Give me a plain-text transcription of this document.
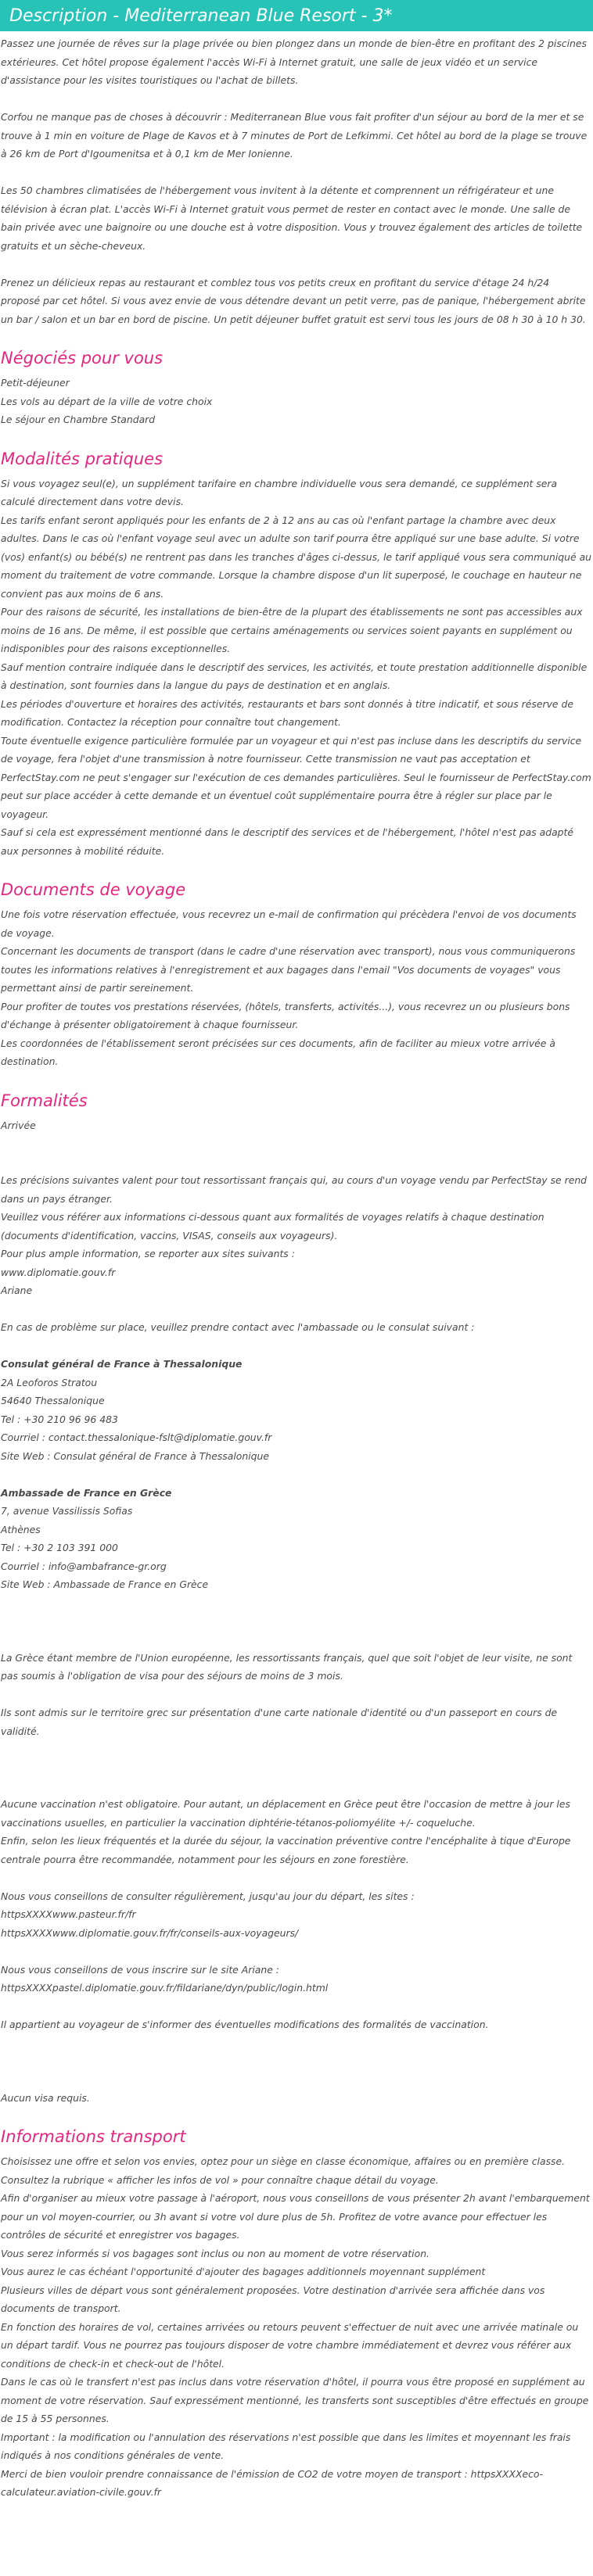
Description - Mediterranean Blue Resort - 3*

Passez une journée de rêves sur la plage privée ou bien plongez dans un monde de bien-être en profitant des 2 piscines extérieures. Cet hôtel propose également l'accès Wi-Fi à Internet gratuit, une salle de jeux vidéo et un service d'assistance pour les visites touristiques ou l'achat de billets.

Corfou ne manque pas de choses à découvrir : Mediterranean Blue vous fait profiter d'un séjour au bord de la mer et se trouve à 1 min en voiture de Plage de Kavos et à 7 minutes de Port de Lefkimmi. Cet hôtel au bord de la plage se trouve à 26 km de Port d'Igoumenitsa et à 0,1 km de Mer Ionienne.

Les 50 chambres climatisées de l'hébergement vous invitent à la détente et comprennent un réfrigérateur et une télévision à écran plat. L'accès Wi-Fi à Internet gratuit vous permet de rester en contact avec le monde. Une salle de bain privée avec une baignoire ou une douche est à votre disposition. Vous y trouvez également des articles de toilette gratuits et un sèche-cheveux.

Prenez un délicieux repas au restaurant et comblez tous vos petits creux en profitant du service d'étage 24 h/24 proposé par cet hôtel. Si vous avez envie de vous détendre devant un petit verre, pas de panique, l'hébergement abrite un bar / salon et un bar en bord de piscine. Un petit déjeuner buffet gratuit est servi tous les jours de 08 h 30 à 10 h 30.

Négociés pour vous

Petit-déjeuner

Les vols au départ de la ville de votre choix

Le séjour en Chambre Standard

Modalités pratiques

Si vous voyagez seul(e), un supplément tarifaire en chambre individuelle vous sera demandé, ce supplément sera calculé directement dans votre devis.

Les tarifs enfant seront appliqués pour les enfants de 2 à 12 ans au cas où l'enfant partage la chambre avec deux adultes. Dans le cas où l'enfant voyage seul avec un adulte son tarif pourra être appliqué sur une base adulte. Si votre (vos) enfant(s) ou bébé(s) ne rentrent pas dans les tranches d'âges ci-dessus, le tarif appliqué vous sera communiqué au moment du traitement de votre commande. Lorsque la chambre dispose d'un lit superposé, le couchage en hauteur ne convient pas aux moins de 6 ans.

Pour des raisons de sécurité, les installations de bien-être de la plupart des établissements ne sont pas accessibles aux moins de 16 ans. De même, il est possible que certains aménagements ou services soient payants en supplément ou indisponibles pour des raisons exceptionnelles.

Sauf mention contraire indiquée dans le descriptif des services, les activités, et toute prestation additionnelle disponible à destination, sont fournies dans la langue du pays de destination et en anglais.

Les périodes d'ouverture et horaires des activités, restaurants et bars sont donnés à titre indicatif, et sous réserve de modification. Contactez la réception pour connaître tout changement.

Toute éventuelle exigence particulière formulée par un voyageur et qui n'est pas incluse dans les descriptifs du service de voyage, fera l'objet d'une transmission à notre fournisseur. Cette transmission ne vaut pas acceptation et PerfectStay.com ne peut s'engager sur l'exécution de ces demandes particulières. Seul le fournisseur de PerfectStay.com peut sur place accéder à cette demande et un éventuel coût supplémentaire pourra être à régler sur place par le voyageur.

Sauf si cela est expressément mentionné dans le descriptif des services et de l'hébergement, l'hôtel n'est pas adapté aux personnes à mobilité réduite.

Documents de voyage

Une fois votre réservation effectuée, vous recevrez un e-mail de confirmation qui précèdera l'envoi de vos documents de voyage.

Concernant les documents de transport (dans le cadre d'une réservation avec transport), nous vous communiquerons toutes les informations relatives à l'enregistrement et aux bagages dans l'email "Vos documents de voyages" vous permettant ainsi de partir sereinement.

Pour profiter de toutes vos prestations réservées, (hôtels, transferts, activités...), vous recevrez un ou plusieurs bons d'échange à présenter obligatoirement à chaque fournisseur.

Les coordonnées de l'établissement seront précisées sur ces documents, afin de faciliter au mieux votre arrivée à destination.

Formalités

Arrivée

Les précisions suivantes valent pour tout ressortissant français qui, au cours d'un voyage vendu par PerfectStay se rend dans un pays étranger.

Veuillez vous référer aux informations ci-dessous quant aux formalités de voyages relatifs à chaque destination (documents d'identification, vaccins, VISAS, conseils aux voyageurs).

Pour plus ample information, se reporter aux sites suivants :

www.diplomatie.gouv.fr

Ariane

En cas de problème sur place, veuillez prendre contact avec l'ambassade ou le consulat suivant :

Consulat général de France à Thessalonique

2A Leoforos Stratou

54640 Thessalonique

Tel : +30 210 96 96 483

Courriel : contact.thessalonique-fslt@diplomatie.gouv.fr

Site Web : Consulat général de France à Thessalonique

Ambassade de France en Grèce

7, avenue Vassilissis Sofias

Athènes

Tel : +30 2 103 391 000

Courriel : info@ambafrance-gr.org

Site Web : Ambassade de France en Grèce

La Grèce étant membre de l'Union européenne, les ressortissants français, quel que soit l'objet de leur visite, ne sont pas soumis à l'obligation de visa pour des séjours de moins de 3 mois.

Ils sont admis sur le territoire grec sur présentation d'une carte nationale d'identité ou d'un passeport en cours de validité.

Aucune vaccination n'est obligatoire. Pour autant, un déplacement en Grèce peut être l'occasion de mettre à jour les vaccinations usuelles, en particulier la vaccination diphtérie-tétanos-poliomyélite +/- coqueluche.

Enfin, selon les lieux fréquentés et la durée du séjour, la vaccination préventive contre l'encéphalite à tique d'Europe centrale pourra être recommandée, notamment pour les séjours en zone forestière.

Nous vous conseillons de consulter régulièrement, jusqu'au jour du départ, les sites :

httpsXXXXwww.pasteur.fr/fr

httpsXXXXwww.diplomatie.gouv.fr/fr/conseils-aux-voyageurs/

Nous vous conseillons de vous inscrire sur le site Ariane :

httpsXXXXpastel.diplomatie.gouv.fr/fildariane/dyn/public/login.html

Il appartient au voyageur de s'informer des éventuelles modifications des formalités de vaccination.

Aucun visa requis.

Informations transport

Choisissez une offre et selon vos envies, optez pour un siège en classe économique, affaires ou en première classe.

Consultez la rubrique « afficher les infos de vol » pour connaître chaque détail du voyage.

Afin d'organiser au mieux votre passage à l'aéroport, nous vous conseillons de vous présenter 2h avant l'embarquement pour un vol moyen-courrier, ou 3h avant si votre vol dure plus de 5h. Profitez de votre avance pour effectuer les contrôles de sécurité et enregistrer vos bagages.

Vous serez informés si vos bagages sont inclus ou non au moment de votre réservation.

Vous aurez le cas échéant l'opportunité d'ajouter des bagages additionnels moyennant supplément

Plusieurs villes de départ vous sont généralement proposées. Votre destination d'arrivée sera affichée dans vos documents de transport.

En fonction des horaires de vol, certaines arrivées ou retours peuvent s'effectuer de nuit avec une arrivée matinale ou un départ tardif. Vous ne pourrez pas toujours disposer de votre chambre immédiatement et devrez vous référer aux conditions de check-in et check-out de l'hôtel.

Dans le cas où le transfert n'est pas inclus dans votre réservation d'hôtel, il pourra vous être proposé en supplément au moment de votre réservation. Sauf expressément mentionné, les transferts sont susceptibles d'être effectués en groupe de 15 à 55 personnes.

Important : la modification ou l'annulation des réservations n'est possible que dans les limites et moyennant les frais indiqués à nos conditions générales de vente.

Merci de bien vouloir prendre connaissance de l'émission de CO2 de votre moyen de transport : httpsXXXXeco-calculateur.aviation-civile.gouv.fr
